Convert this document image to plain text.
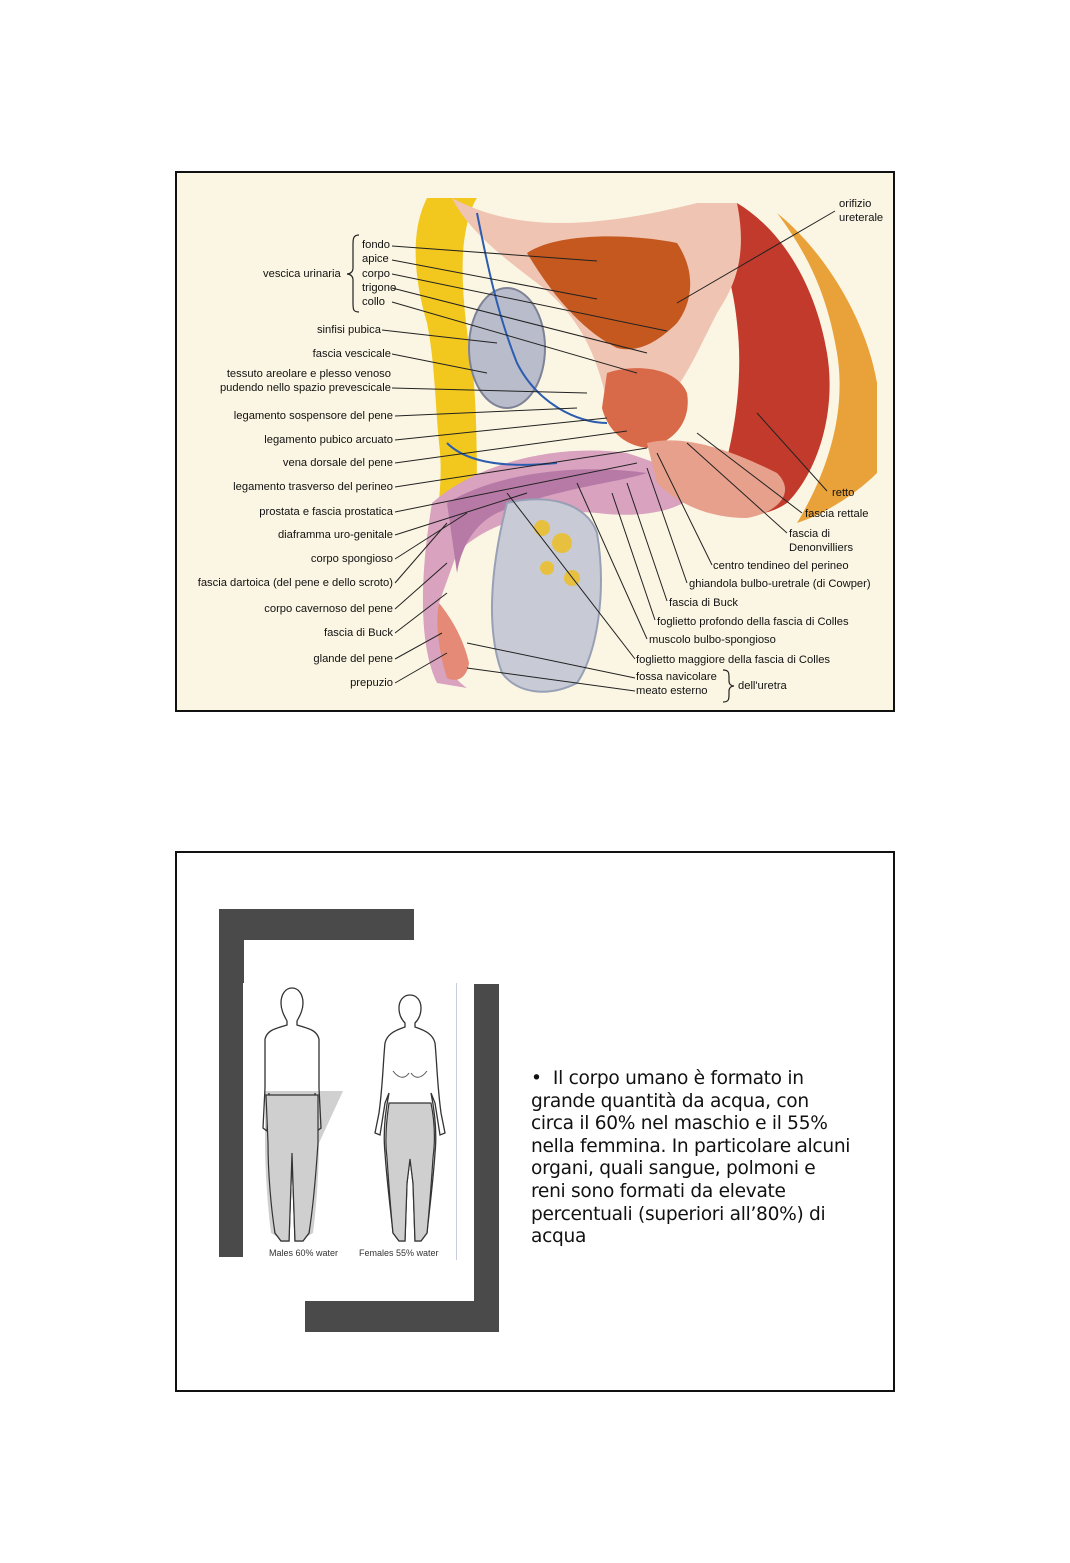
vescica urinaria
fondo
apice
corpo
trigono
collo
sinfisi pubica
fascia vescicale
tessuto areolare e plesso venoso
pudendo nello spazio prevescicale
legamento sospensore del pene
legamento pubico arcuato
vena dorsale del pene
legamento trasverso del perineo
prostata e fascia prostatica
diaframma uro-genitale
corpo spongioso
fascia dartoica (del pene e dello scroto)
corpo cavernoso del pene
fascia di Buck
glande del pene
prepuzio
orifizio
ureterale
retto
fascia rettale
fascia di
Denonvilliers
centro tendineo del perineo
ghiandola bulbo-uretrale (di Cowper)
fascia di Buck
foglietto profondo della fascia di Colles
muscolo bulbo-spongioso
foglietto maggiore della fascia di Colles
fossa navicolare
meato esterno	dell'uretra
Males 60% water Females 55% water
• Il corpo umano è formato in grande quantità da acqua, con circa il 60% nel maschio e il 55% nella femmina. In particolare alcuni organi, quali sangue, polmoni e reni sono formati da elevate percentuali (superiori all’80%) di acqua
